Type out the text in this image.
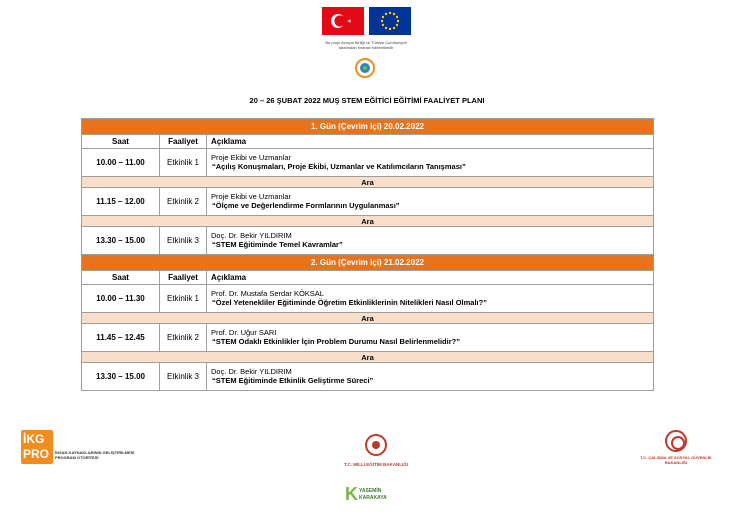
Bu proje Avrupa Birliği ve Türkiye Cumhuriyeti tarafından finanse edilmektedir
20 – 26 ŞUBAT 2022 MUŞ STEM EĞİTİCİ EĞİTİMİ FAALİYET PLANI
1. Gün (Çevrim içi) 20.02.2022		
Saat	Faaliyet	Açıklama
10.00 – 11.00	Etkinlik 1	Proje Ekibi ve Uzmanlar
“Açılış Konuşmaları, Proje Ekibi, Uzmanlar ve Katılımcıların Tanışması”

Ara		
11.15 – 12.00	Etkinlik 2	Proje Ekibi ve Uzmanlar
“Ölçme ve Değerlendirme Formlarının Uygulanması”

Ara		
13.30 – 15.00	Etkinlik 3	Doç. Dr. Bekir YILDIRIM
“STEM Eğitiminde Temel Kavramlar”

2. Gün (Çevrim içi) 21.02.2022		
Saat	Faaliyet	Açıklama
10.00 – 11.30	Etkinlik 1	Prof. Dr. Mustafa Serdar KÖKSAL
“Özel Yetenekliler Eğitiminde Öğretim Etkinliklerinin Nitelikleri Nasıl Olmalı?”

Ara		
11.45 – 12.45	Etkinlik 2	Prof. Dr. Uğur SARI
“STEM Odaklı Etkinlikler İçin Problem Durumu Nasıl Belirlenmelidir?”

Ara		
13.30 – 15.00	Etkinlik 3	Doç. Dr. Bekir YILDIRIM
“STEM Eğitiminde Etkinlik Geliştirme Süreci”
İKG PRO	İNSAN KAYNAKLARININ GELİŞTİRİLMESİ PROGRAM OTORİTESİ
T.C. MİLLİ EĞİTİM BAKANLIĞI
T.C. ÇALIŞMA VE SOSYAL GÜVENLİK BAKANLIĞI
K YASEMİN
KARAKAYA
